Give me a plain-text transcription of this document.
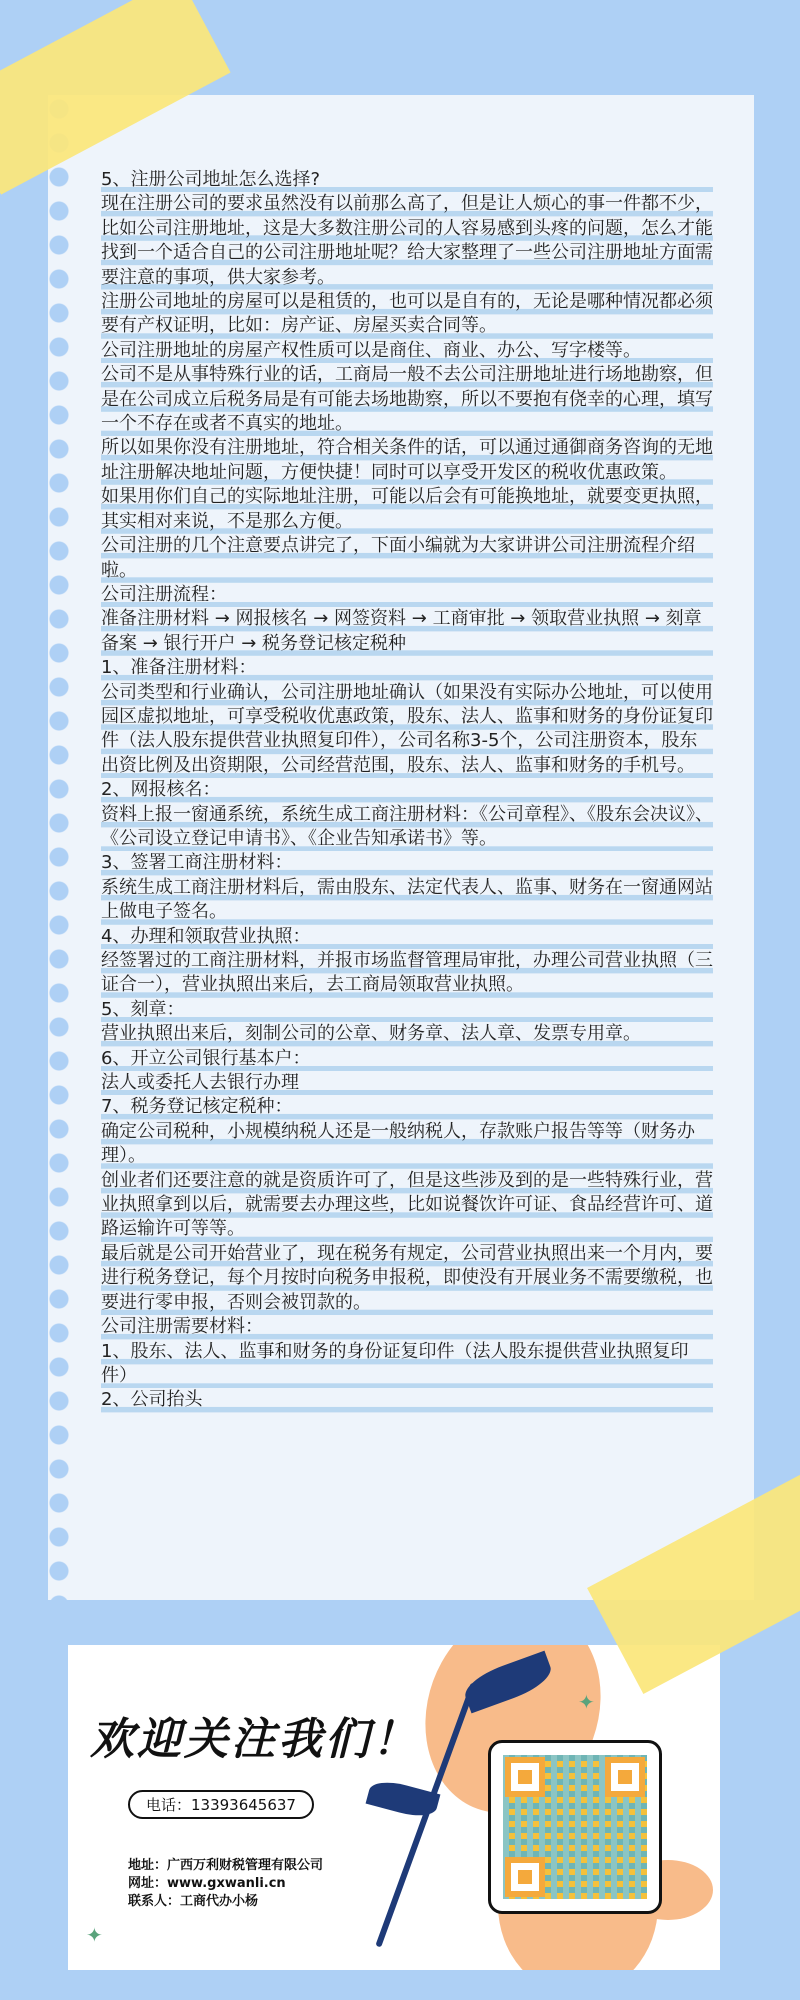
5、注册公司地址怎么选择?

现在注册公司的要求虽然没有以前那么高了，但是让人烦心的事一件都不少，比如公司注册地址，这是大多数注册公司的人容易感到头疼的问题，怎么才能找到一个适合自己的公司注册地址呢？给大家整理了一些公司注册地址方面需要注意的事项，供大家参考。

注册公司地址的房屋可以是租赁的，也可以是自有的，无论是哪种情况都必须要有产权证明，比如：房产证、房屋买卖合同等。

公司注册地址的房屋产权性质可以是商住、商业、办公、写字楼等。

公司不是从事特殊行业的话，工商局一般不去公司注册地址进行场地勘察，但是在公司成立后税务局是有可能去场地勘察，所以不要抱有侥幸的心理，填写一个不存在或者不真实的地址。

所以如果你没有注册地址，符合相关条件的话，可以通过通御商务咨询的无地址注册解决地址问题，方便快捷！同时可以享受开发区的税收优惠政策。

如果用你们自己的实际地址注册，可能以后会有可能换地址，就要变更执照，其实相对来说，不是那么方便。

公司注册的几个注意要点讲完了，下面小编就为大家讲讲公司注册流程介绍啦。

公司注册流程：

准备注册材料 → 网报核名 → 网签资料 → 工商审批 → 领取营业执照 → 刻章备案 → 银行开户 → 税务登记核定税种

1、准备注册材料：

公司类型和行业确认，公司注册地址确认（如果没有实际办公地址，可以使用园区虚拟地址，可享受税收优惠政策，股东、法人、监事和财务的身份证复印件（法人股东提供营业执照复印件），公司名称3-5个，公司注册资本，股东出资比例及出资期限，公司经营范围，股东、法人、监事和财务的手机号。

2、网报核名：

资料上报一窗通系统，系统生成工商注册材料：《公司章程》、《股东会决议》、《公司设立登记申请书》、《企业告知承诺书》等。

3、签署工商注册材料：

系统生成工商注册材料后，需由股东、法定代表人、监事、财务在一窗通网站上做电子签名。

4、办理和领取营业执照：

经签署过的工商注册材料，并报市场监督管理局审批，办理公司营业执照（三证合一），营业执照出来后，去工商局领取营业执照。

5、刻章：

营业执照出来后，刻制公司的公章、财务章、法人章、发票专用章。

6、开立公司银行基本户：

法人或委托人去银行办理

7、税务登记核定税种：

确定公司税种，小规模纳税人还是一般纳税人，存款账户报告等等（财务办理）。

创业者们还要注意的就是资质许可了，但是这些涉及到的是一些特殊行业，营业执照拿到以后，就需要去办理这些，比如说餐饮许可证、食品经营许可、道路运输许可等等。

最后就是公司开始营业了，现在税务有规定，公司营业执照出来一个月内，要进行税务登记，每个月按时向税务申报税，即使没有开展业务不需要缴税，也要进行零申报，否则会被罚款的。

公司注册需要材料：

1、股东、法人、监事和财务的身份证复印件（法人股东提供营业执照复印件）

2、公司抬头

✦
✦
欢迎关注我们！
电话：13393645637
地址：广西万利财税管理有限公司
网址：www.gxwanli.cn
联系人：工商代办小杨
